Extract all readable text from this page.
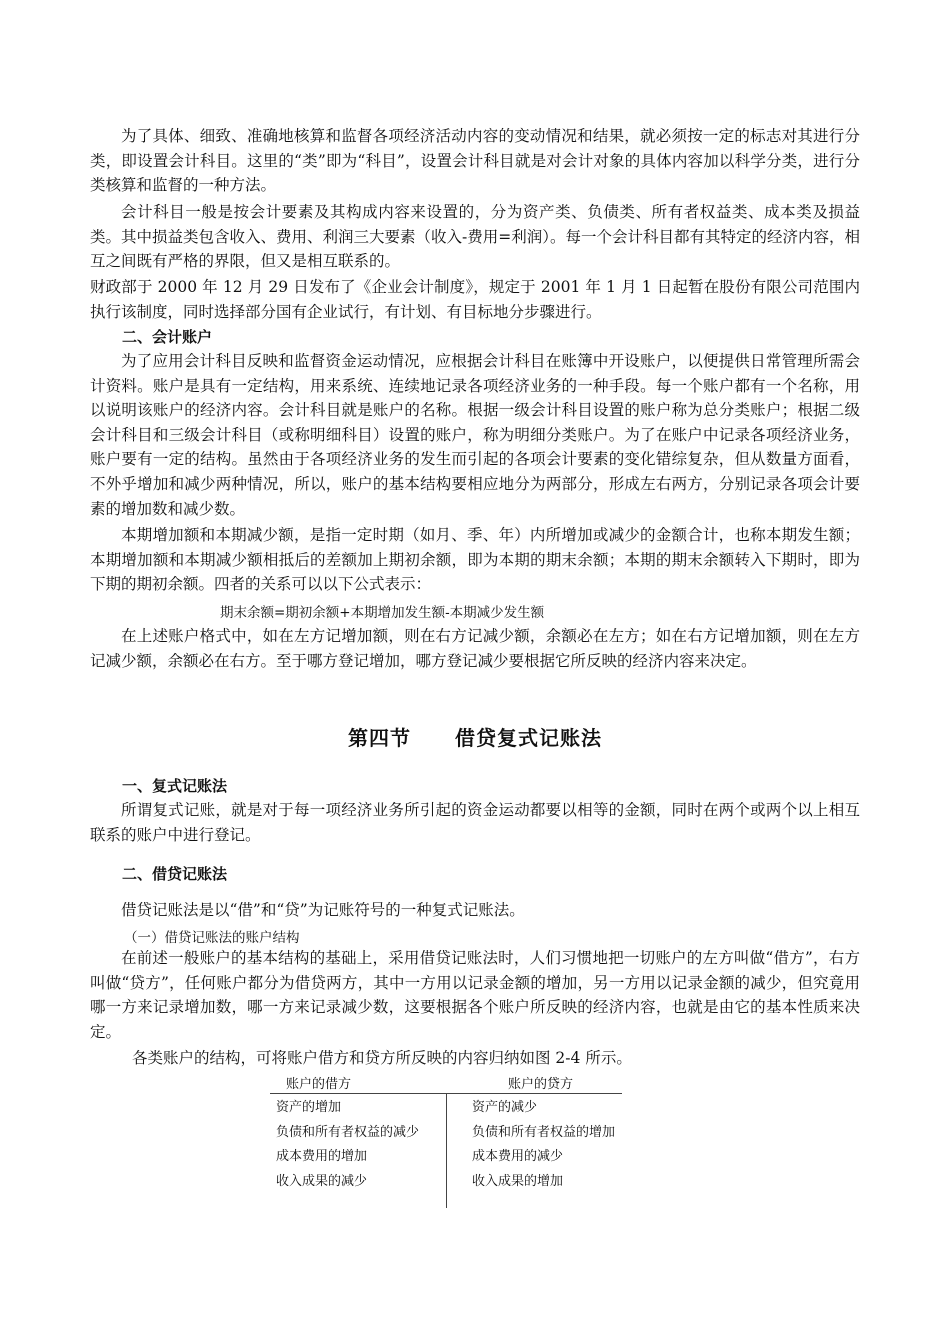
为了具体、细致、准确地核算和监督各项经济活动内容的变动情况和结果，就必须按一定的标志对其进行分类，即设置会计科目。这里的“类”即为“科目”，设置会计科目就是对会计对象的具体内容加以科学分类，进行分类核算和监督的一种方法。

会计科目一般是按会计要素及其构成内容来设置的，分为资产类、负债类、所有者权益类、成本类及损益类。其中损益类包含收入、费用、利润三大要素（收入-费用=利润）。每一个会计科目都有其特定的经济内容，相互之间既有严格的界限，但又是相互联系的。

财政部于 2000 年 12 月 29 日发布了《企业会计制度》，规定于 2001 年 1 月 1 日起暂在股份有限公司范围内执行该制度，同时选择部分国有企业试行，有计划、有目标地分步骤进行。

二、会计账户

为了应用会计科目反映和监督资金运动情况，应根据会计科目在账簿中开设账户，以便提供日常管理所需会计资料。账户是具有一定结构，用来系统、连续地记录各项经济业务的一种手段。每一个账户都有一个名称，用以说明该账户的经济内容。会计科目就是账户的名称。根据一级会计科目设置的账户称为总分类账户；根据二级会计科目和三级会计科目（或称明细科目）设置的账户，称为明细分类账户。为了在账户中记录各项经济业务，账户要有一定的结构。虽然由于各项经济业务的发生而引起的各项会计要素的变化错综复杂，但从数量方面看，不外乎增加和减少两种情况，所以，账户的基本结构要相应地分为两部分，形成左右两方，分别记录各项会计要素的增加数和减少数。

本期增加额和本期减少额，是指一定时期（如月、季、年）内所增加或减少的金额合计，也称本期发生额；本期增加额和本期减少额相抵后的差额加上期初余额，即为本期的期末余额；本期的期末余额转入下期时，即为下期的期初余额。四者的关系可以以下公式表示：

期末余额=期初余额+本期增加发生额-本期减少发生额

在上述账户格式中，如在左方记增加额，则在右方记减少额，余额必在左方；如在右方记增加额，则在左方记减少额，余额必在右方。至于哪方登记增加，哪方登记减少要根据它所反映的经济内容来决定。

第四节 借贷复式记账法

一、复式记账法

所谓复式记账，就是对于每一项经济业务所引起的资金运动都要以相等的金额，同时在两个或两个以上相互联系的账户中进行登记。

二、借贷记账法

借贷记账法是以“借”和“贷”为记账符号的一种复式记账法。

（一）借贷记账法的账户结构

在前述一般账户的基本结构的基础上，采用借贷记账法时，人们习惯地把一切账户的左方叫做“借方”，右方叫做“贷方”，任何账户都分为借贷两方，其中一方用以记录金额的增加，另一方用以记录金额的减少，但究竟用哪一方来记录增加数，哪一方来记录减少数，这要根据各个账户所反映的经济内容，也就是由它的基本性质来决定。

各类账户的结构，可将账户借方和贷方所反映的内容归纳如图 2-4 所示。

账户的借方	账户的贷方
资产的增加
负债和所有者权益的减少
成本费用的增加
收入成果的减少
资产的减少
负债和所有者权益的增加
成本费用的减少
收入成果的增加
